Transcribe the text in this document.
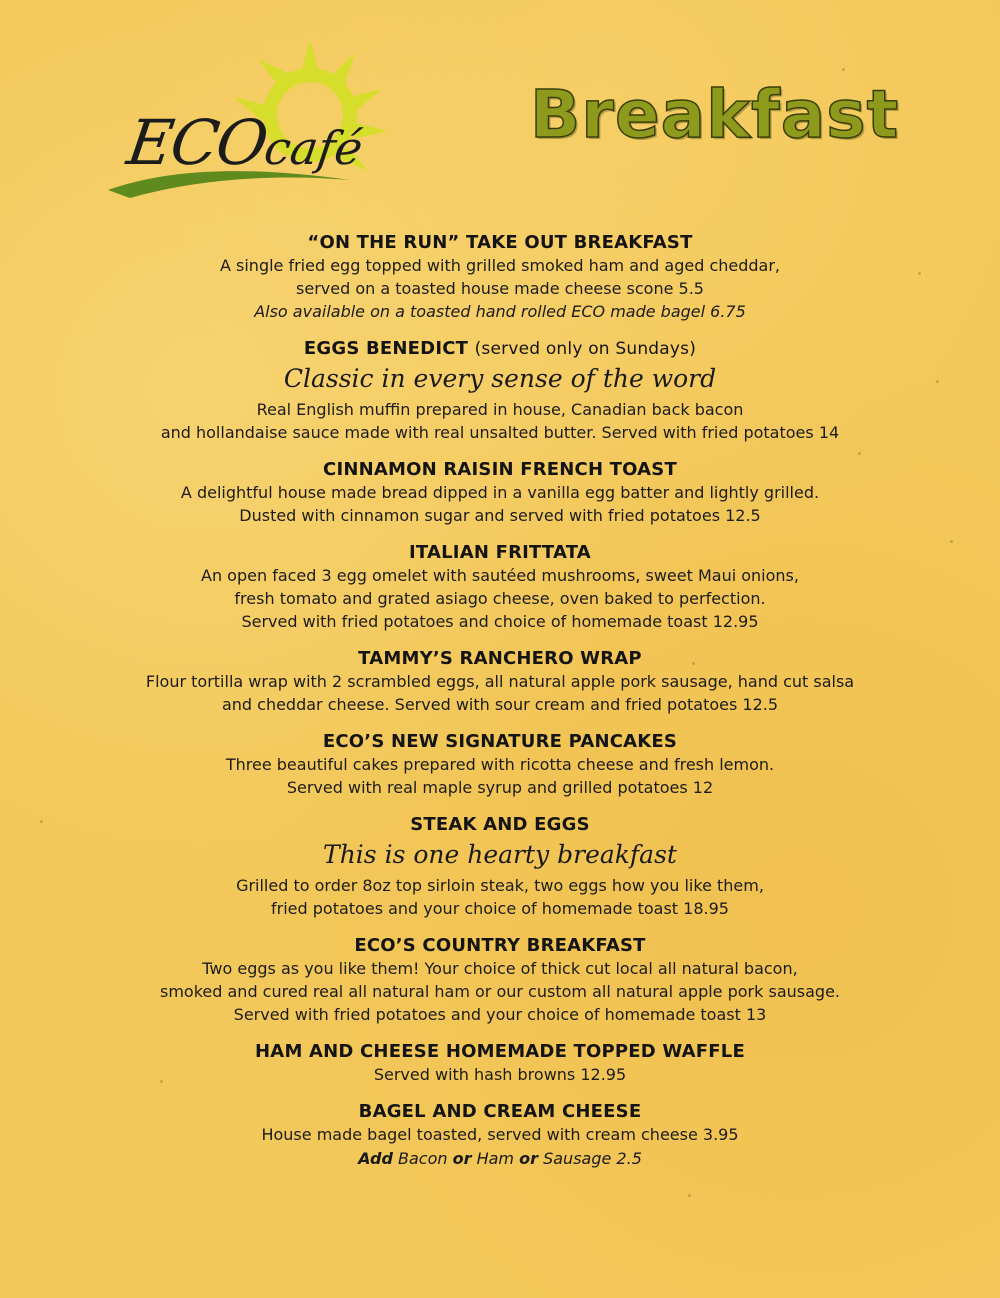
ECOcafé Breakfast
“ON THE RUN” TAKE OUT BREAKFAST
A single fried egg topped with grilled smoked ham and aged cheddar,
served on a toasted house made cheese scone 5.5
Also available on a toasted hand rolled ECO made bagel 6.75
EGGS BENEDICT (served only on Sundays)
Classic in every sense of the word
Real English muffin prepared in house, Canadian back bacon
and hollandaise sauce made with real unsalted butter. Served with fried potatoes 14
CINNAMON RAISIN FRENCH TOAST
A delightful house made bread dipped in a vanilla egg batter and lightly grilled.
Dusted with cinnamon sugar and served with fried potatoes 12.5
ITALIAN FRITTATA
An open faced 3 egg omelet with sautéed mushrooms, sweet Maui onions,
fresh tomato and grated asiago cheese, oven baked to perfection.
Served with fried potatoes and choice of homemade toast 12.95
TAMMY’S RANCHERO WRAP
Flour tortilla wrap with 2 scrambled eggs, all natural apple pork sausage, hand cut salsa
and cheddar cheese. Served with sour cream and fried potatoes 12.5
ECO’S NEW SIGNATURE PANCAKES
Three beautiful cakes prepared with ricotta cheese and fresh lemon.
Served with real maple syrup and grilled potatoes 12
STEAK AND EGGS
This is one hearty breakfast
Grilled to order 8oz top sirloin steak, two eggs how you like them,
fried potatoes and your choice of homemade toast 18.95
ECO’S COUNTRY BREAKFAST
Two eggs as you like them! Your choice of thick cut local all natural bacon,
smoked and cured real all natural ham or our custom all natural apple pork sausage.
Served with fried potatoes and your choice of homemade toast 13
HAM AND CHEESE HOMEMADE TOPPED WAFFLE
Served with hash browns 12.95
BAGEL AND CREAM CHEESE
House made bagel toasted, served with cream cheese 3.95
Add Bacon or Ham or Sausage 2.5
